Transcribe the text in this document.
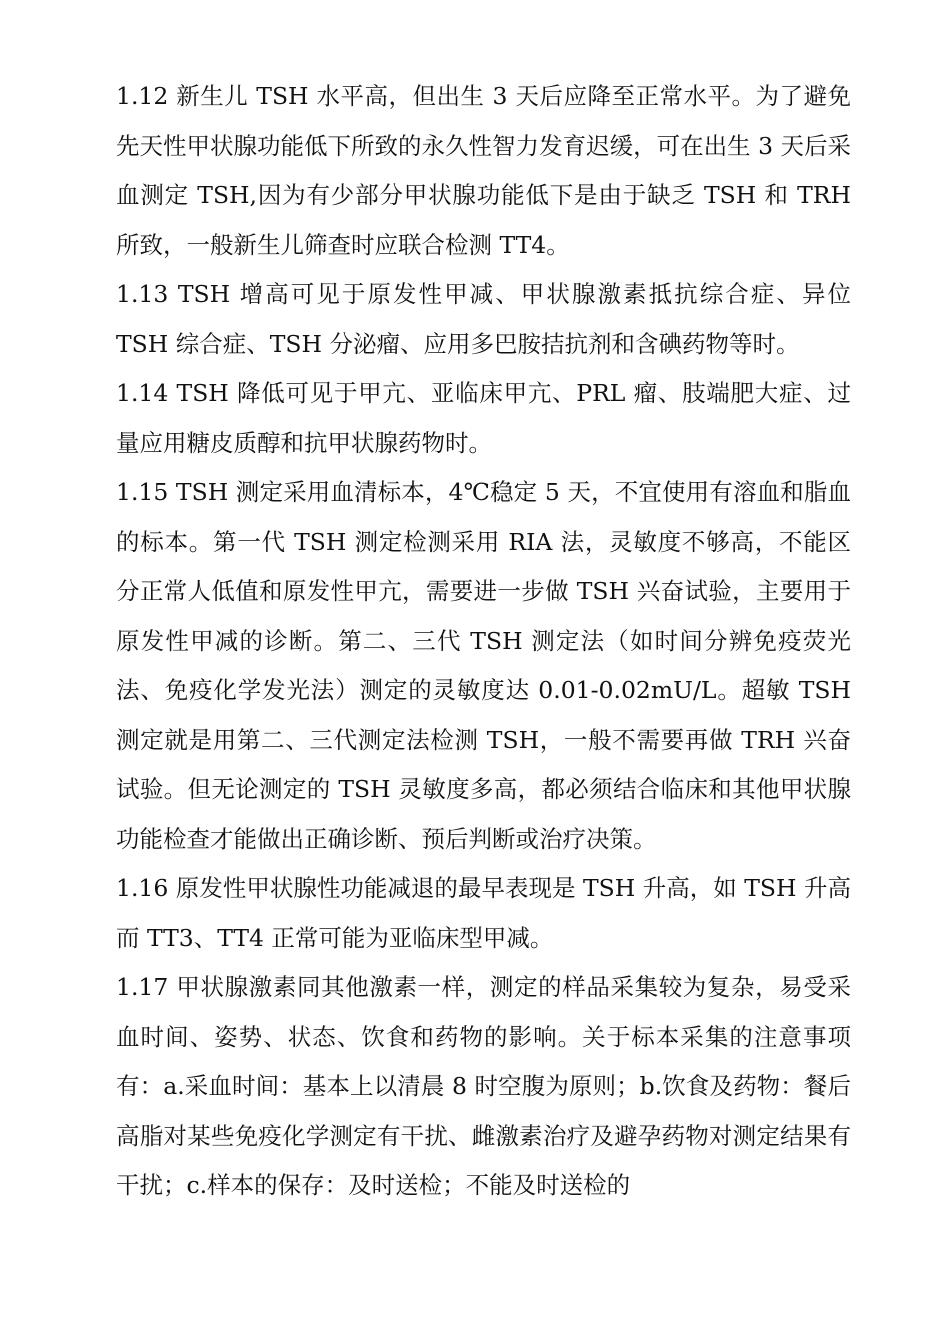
1.12 新生儿 TSH 水平高，但出生 3 天后应降至正常水平。为了避免先天性甲状腺功能低下所致的永久性智力发育迟缓，可在出生 3 天后采血测定 TSH,因为有少部分甲状腺功能低下是由于缺乏 TSH 和 TRH 所致，一般新生儿筛查时应联合检测 TT4。

1.13 TSH 增高可见于原发性甲减、甲状腺激素抵抗综合症、异位 TSH 综合症、TSH 分泌瘤、应用多巴胺拮抗剂和含碘药物等时。

1.14 TSH 降低可见于甲亢、亚临床甲亢、PRL 瘤、肢端肥大症、过量应用糖皮质醇和抗甲状腺药物时。

1.15 TSH 测定采用血清标本，4℃稳定 5 天，不宜使用有溶血和脂血的标本。第一代 TSH 测定检测采用 RIA 法，灵敏度不够高，不能区分正常人低值和原发性甲亢，需要进一步做 TSH 兴奋试验，主要用于原发性甲减的诊断。第二、三代 TSH 测定法（如时间分辨免疫荧光法、免疫化学发光法）测定的灵敏度达 0.01-0.02mU/L。超敏 TSH 测定就是用第二、三代测定法检测 TSH，一般不需要再做 TRH 兴奋试验。但无论测定的 TSH 灵敏度多高，都必须结合临床和其他甲状腺功能检查才能做出正确诊断、预后判断或治疗决策。

1.16 原发性甲状腺性功能减退的最早表现是 TSH 升高，如 TSH 升高而 TT3、TT4 正常可能为亚临床型甲减。

1.17 甲状腺激素同其他激素一样，测定的样品采集较为复杂，易受采血时间、姿势、状态、饮食和药物的影响。关于标本采集的注意事项有：a.采血时间：基本上以清晨 8 时空腹为原则；b.饮食及药物：餐后高脂对某些免疫化学测定有干扰、雌激素治疗及避孕药物对测定结果有干扰；c.样本的保存：及时送检；不能及时送检的
